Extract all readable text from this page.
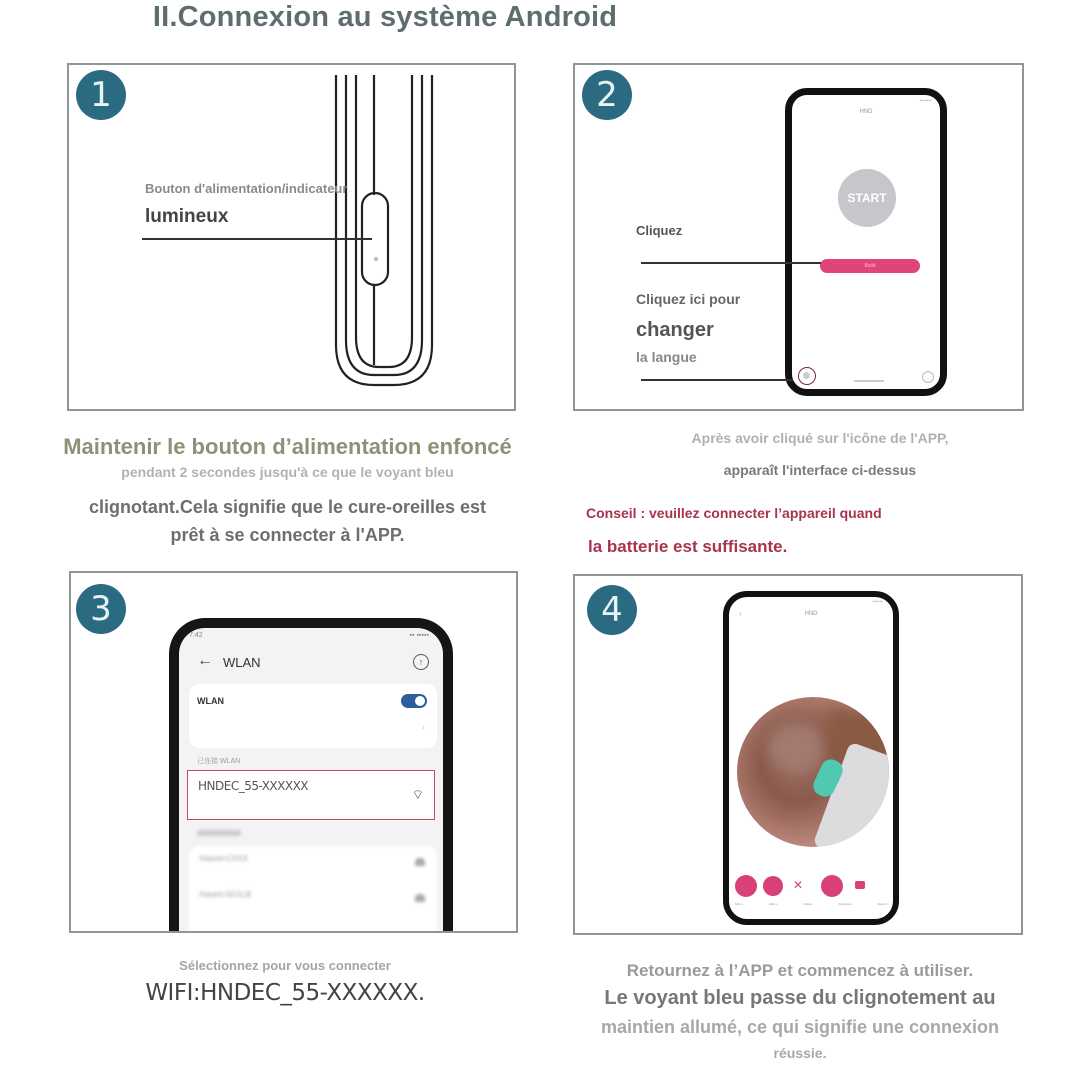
II.Connexion au système Android
1
Bouton d'alimentation/indicateur
lumineux
Maintenir le bouton d’alimentation enfoncé
pendant 2 secondes jusqu'à ce que le voyant bleu
clignotant.Cela signifie que le cure-oreilles est
prêt à se connecter à l'APP.
2	▪▪▪▪▪▪▪
HND
START
Build
Cliquez
Cliquez ici pour
changer
la langue
Après avoir cliqué sur l'icône de l'APP,
apparaît l'interface ci-dessus
Conseil : veuillez connecter l’appareil quand
la batterie est suffisante.
3
7:42	▪▪ ▪▪▪▪▪
← WLAN	↑
WLAN
›
已连接 WLAN
HNDEC_55-XXXXXX
⌔
Xiaomi-CXXX
Xiaomi-5G1LB
Sélectionnez pour vous connecter
WIFI:HNDEC_55-XXXXXX.
4	▪▪▪▪▪▪
‹	HND
✕
Mirror	Album	Rotate	Snapshot	Record
Retournez à l’APP et commencez à utiliser.
Le voyant bleu passe du clignotement au
maintien allumé, ce qui signifie une connexion
réussie.
